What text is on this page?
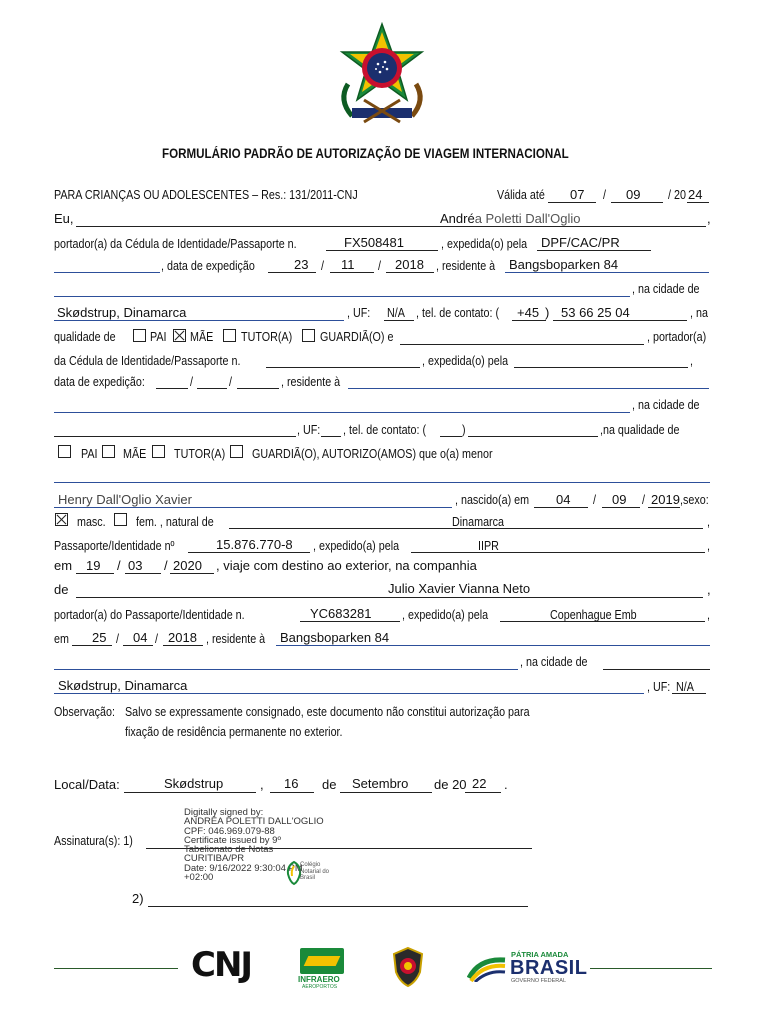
FORMULÁRIO PADRÃO DE AUTORIZAÇÃO DE VIAGEM INTERNACIONAL
PARA CRIANÇAS OU ADOLESCENTES – Res.: 131/2011-CNJ	Válida até 07 / 09 / 20 24
Eu,	Andréa Poletti Dall'Oglio	,
portador(a) da Cédula de Identidade/Passaporte n.	FX508481	, expedida(o) pela DPF/CAC/PR
, data de expedição	23 / 11 / 2018 , residente à Bangsboparken 84
, na cidade de
Skødstrup, Dinamarca	, UF: N/A , tel. de contato: ( +45 ) 53 66 25 04	, na
qualidade de	PAI MÃE TUTOR(A) GUARDIÃ(O) e	, portador(a)
da Cédula de Identidade/Passaporte n.	, expedida(o) pela	,
data de expedição:	/	/	, residente à
, na cidade de
, UF: , tel. de contato: (	)	,na qualidade de
PAI MÃE TUTOR(A) GUARDIÃ(O), AUTORIZO(AMOS) que o(a) menor
Henry Dall'Oglio Xavier	, nascido(a) em 04 / 09 / 2019 ,sexo:
masc. fem. , natural de	Dinamarca	,
Passaporte/Identidade nº	15.876.770-8 , expedido(a) pela	IIPR	,
em 19 / 03 / 2020 , viaje com destino ao exterior, na companhia
de	Julio Xavier Vianna Neto	,
portador(a) do Passaporte/Identidade n.	YC683281 , expedido(a) pela	Copenhague Emb	,
em 25 / 04 / 2018 , residente à Bangsboparken 84
, na cidade de
Skødstrup, Dinamarca	, UF: N/A
Observação: Salvo se expressamente consignado, este documento não constitui autorização para
fixação de residência permanente no exterior.
Local/Data:	Skødstrup	, 16 de Setembro de 20 22 .
Assinatura(s): 1)
Digitally signed by:
ANDRÉA POLETTI DALL'OGLIO
CPF: 046.969.079-88
Certificate issued by 9º
Tabelionato de Notas
CURITIBA/PR
Date: 9/16/2022 9:30:04 PM
+02:00
Colégio
Notarial do
Brasil
2)
CNJ	INFRAERO
AEROPORTOS
PÁTRIA AMADA
BRASIL
GOVERNO FEDERAL
